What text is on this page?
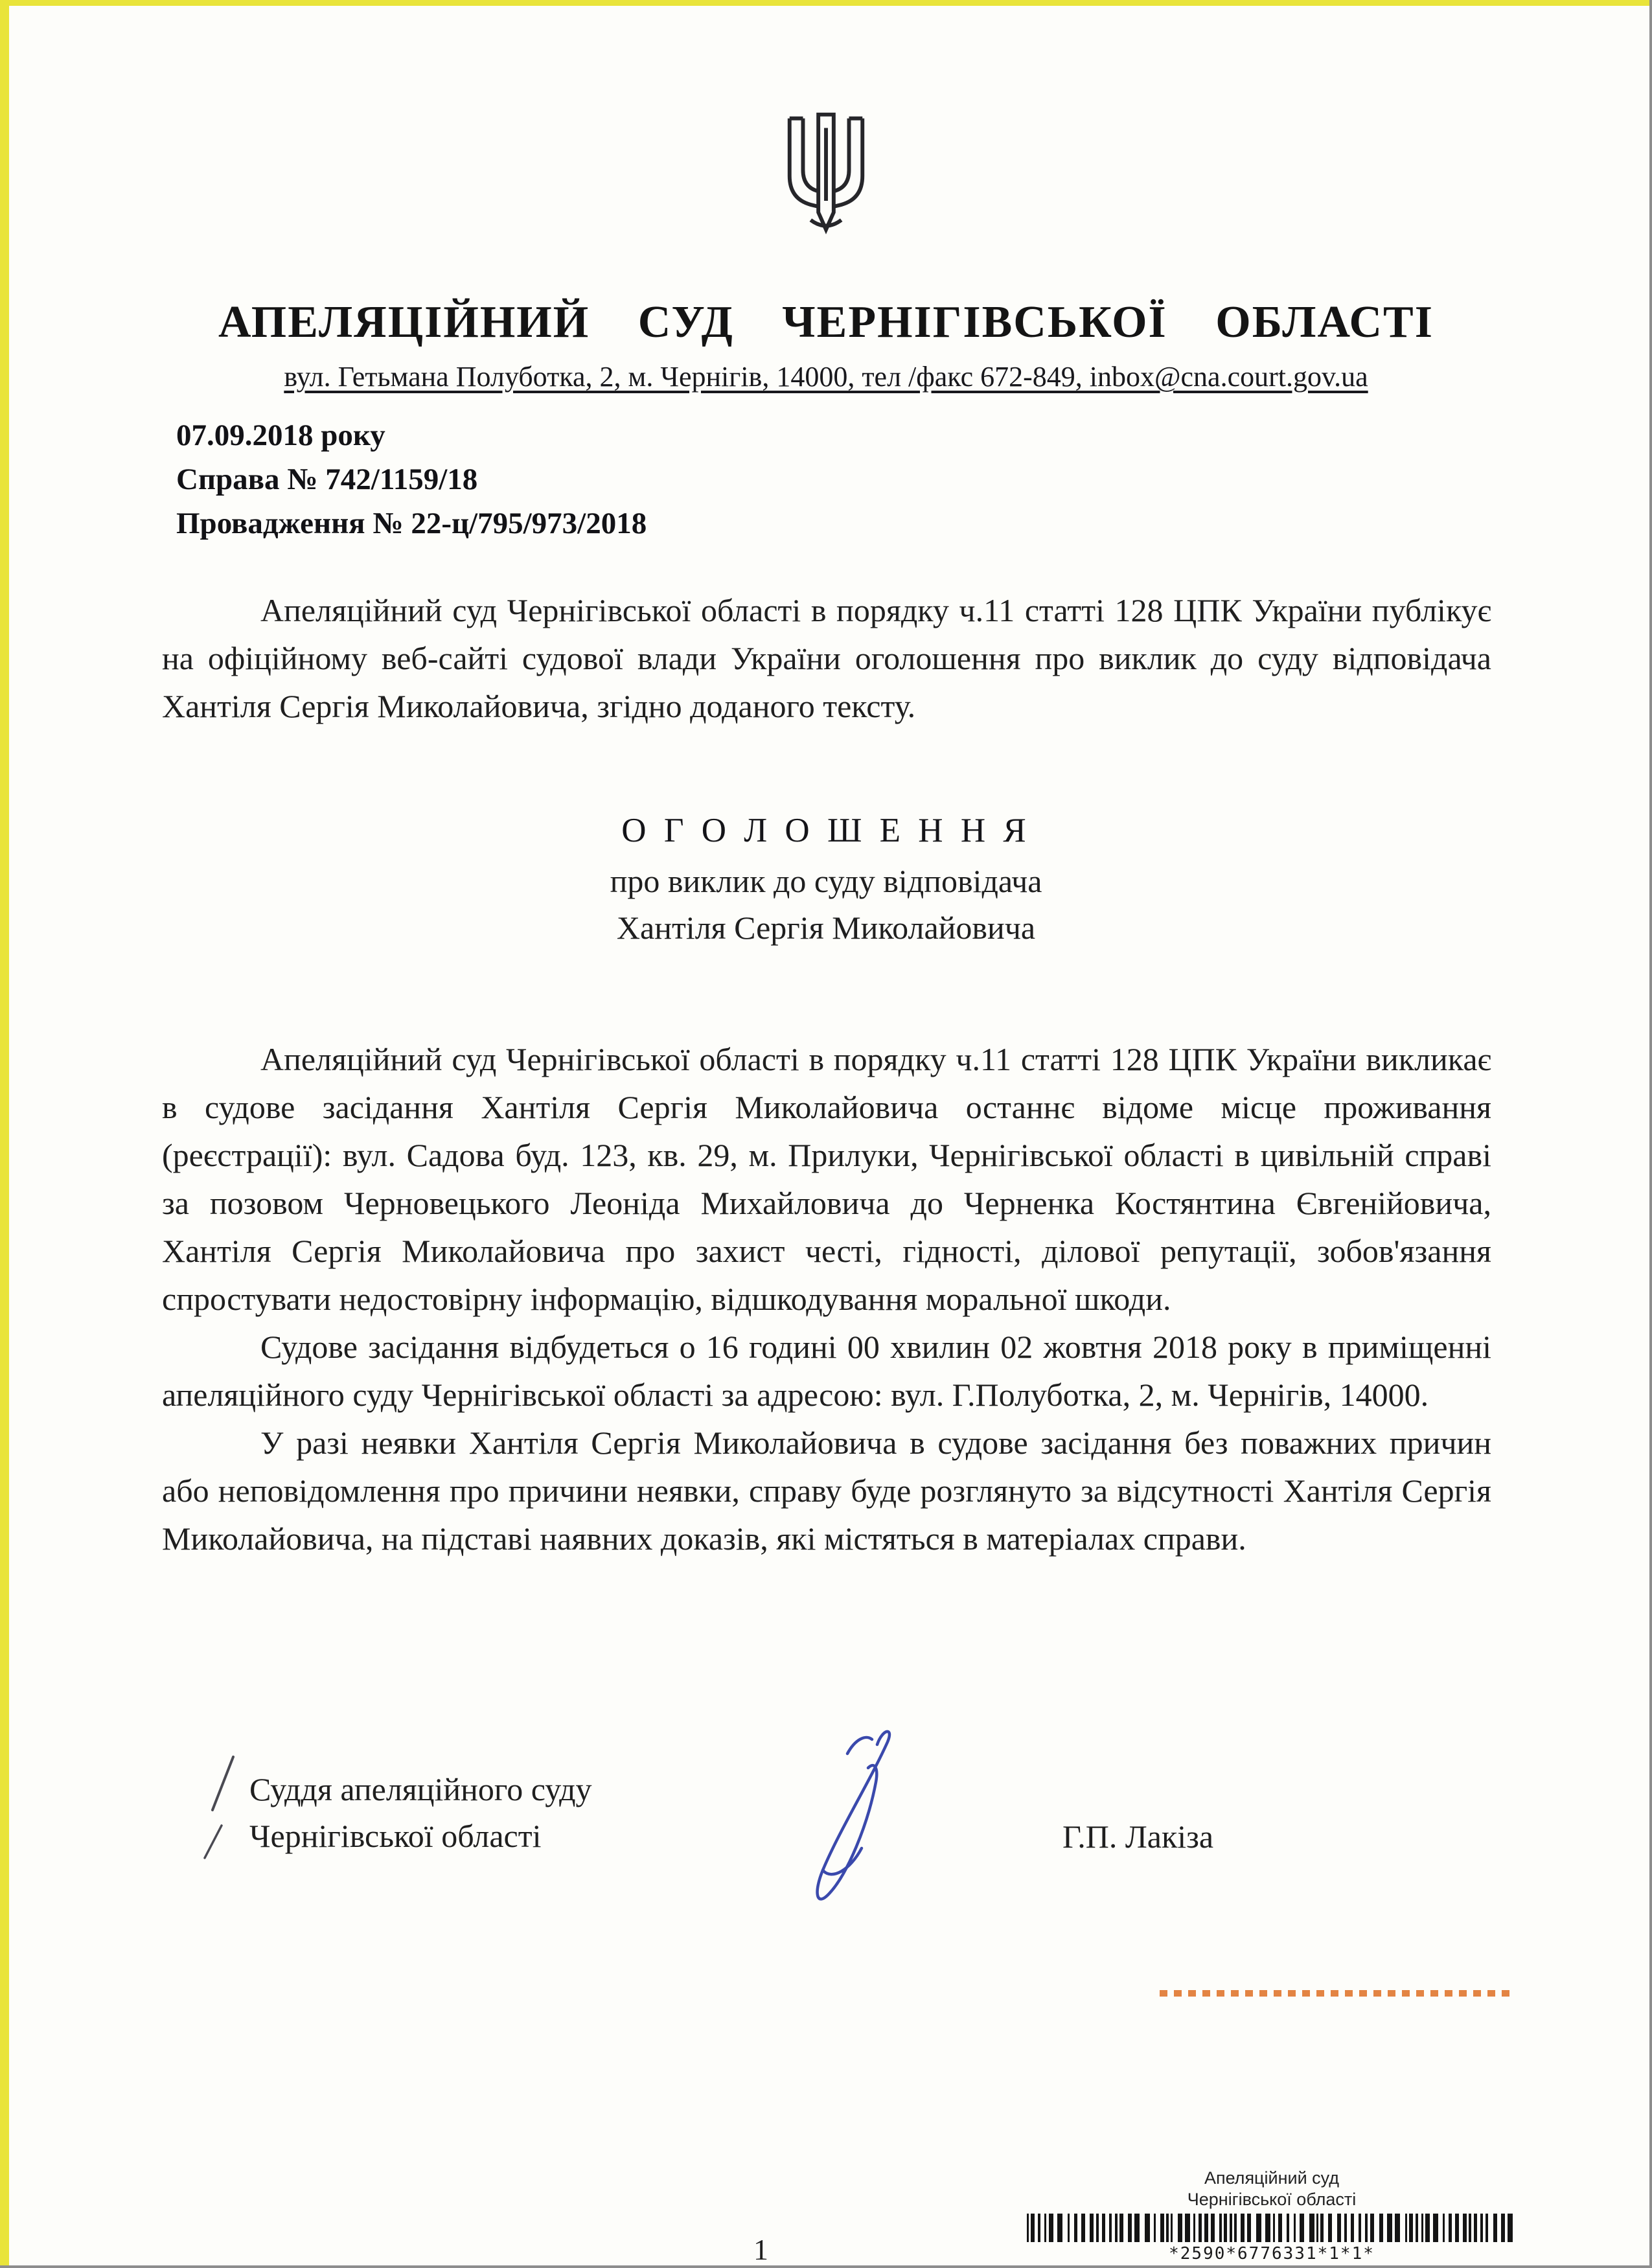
АПЕЛЯЦІЙНИЙ СУД ЧЕРНІГІВСЬКОЇ ОБЛАСТІ
вул. Гетьмана Полуботка, 2, м. Чернігів, 14000, тел /факс 672-849, inbox@cna.court.gov.ua
07.09.2018 року
Справа № 742/1159/18
Провадження № 22-ц/795/973/2018

Апеляційний суд Чернігівської області в порядку ч.11 статті 128 ЦПК України публікує на офіційному веб-сайті судової влади України оголошення про виклик до суду відповідача Хантіля Сергія Миколайовича, згідно доданого тексту.

О Г О Л О Ш Е Н Н Я
про виклик до суду відповідача
Хантіля Сергія Миколайовича

Апеляційний суд Чернігівської області в порядку ч.11 статті 128 ЦПК України викликає в судове засідання Хантіля Сергія Миколайовича останнє відоме місце проживання (реєстрації): вул. Садова буд. 123, кв. 29, м. Прилуки, Чернігівської області в цивільній справі за позовом Черновецького Леоніда Михайловича до Черненка Костянтина Євгенійовича, Хантіля Сергія Миколайовича про захист честі, гідності, ділової репутації, зобов'язання спростувати недостовірну інформацію, відшкодування моральної шкоди.

Судове засідання відбудеться о 16 годині 00 хвилин 02 жовтня 2018 року в приміщенні апеляційного суду Чернігівської області за адресою: вул. Г.Полуботка, 2, м. Чернігів, 14000.

У разі неявки Хантіля Сергія Миколайовича в судове засідання без поважних причин або неповідомлення про причини неявки, справу буде розглянуто за відсутності Хантіля Сергія Миколайовича, на підставі наявних доказів, які містяться в матеріалах справи.

Суддя апеляційного суду
Чернігівської області	Г.П. Лакіза
Апеляційний суд
Чернігівської області
*2590*6776331*1*1*
1
